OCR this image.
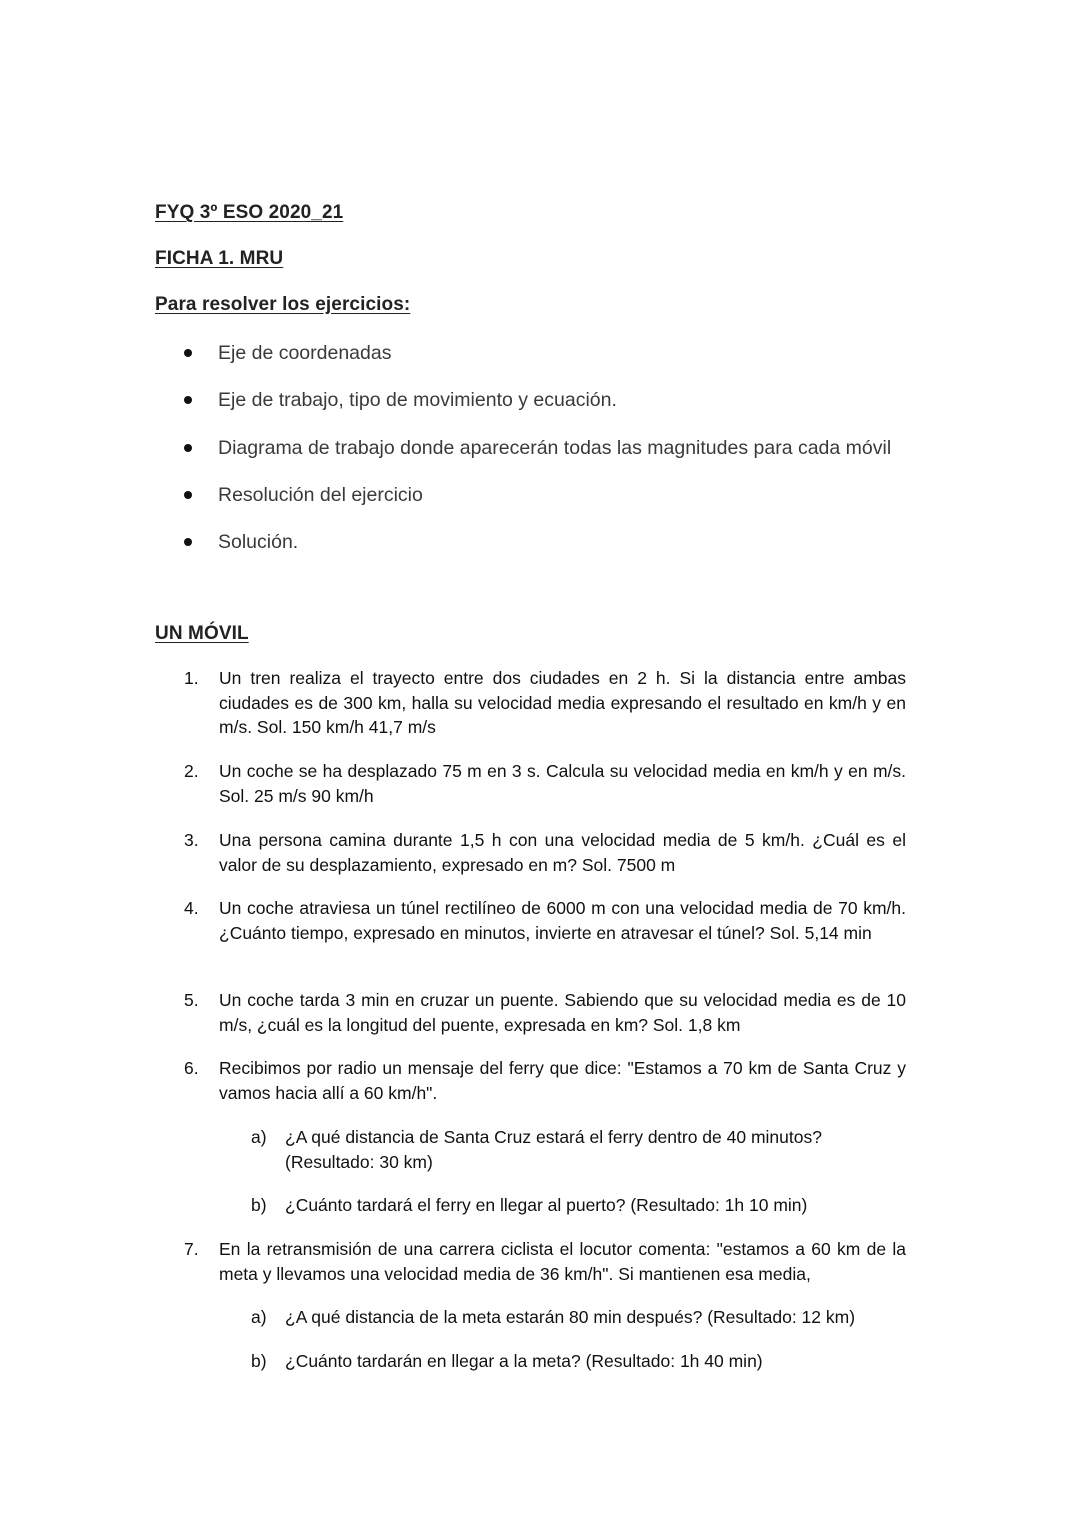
FYQ 3º ESO 2020_21
FICHA 1. MRU
Para resolver los ejercicios:
Eje de coordenadas
Eje de trabajo, tipo de movimiento y ecuación.
Diagrama de trabajo donde aparecerán todas las magnitudes para cada móvil
Resolución del ejercicio
Solución.
UN MÓVIL
1.	Un tren realiza el trayecto entre dos ciudades en 2 h. Si la distancia entre ambas ciudades es de 300 km, halla su velocidad media expresando el resultado en km/h y en m/s. Sol. 150 km/h 41,7 m/s
2.	Un coche se ha desplazado 75 m en 3 s. Calcula su velocidad media en km/h y en m/s. Sol. 25 m/s 90 km/h
3.	Una persona camina durante 1,5 h con una velocidad media de 5 km/h. ¿Cuál es el valor de su desplazamiento, expresado en m? Sol. 7500 m
4.	Un coche atraviesa un túnel rectilíneo de 6000 m con una velocidad media de 70 km/h. ¿Cuánto tiempo, expresado en minutos, invierte en atravesar el túnel? Sol. 5,14 min
5.	Un coche tarda 3 min en cruzar un puente. Sabiendo que su velocidad media es de 10 m/s, ¿cuál es la longitud del puente, expresada en km? Sol. 1,8 km
6.	Recibimos por radio un mensaje del ferry que dice: "Estamos a 70 km de Santa Cruz y vamos hacia allí a 60 km/h".
a) ¿A qué distancia de Santa Cruz estará el ferry dentro de 40 minutos? (Resultado: 30 km)
b) ¿Cuánto tardará el ferry en llegar al puerto? (Resultado: 1h 10 min)
7.	En la retransmisión de una carrera ciclista el locutor comenta: "estamos a 60 km de la meta y llevamos una velocidad media de 36 km/h". Si mantienen esa media,
a) ¿A qué distancia de la meta estarán 80 min después? (Resultado: 12 km)
b) ¿Cuánto tardarán en llegar a la meta? (Resultado: 1h 40 min)
